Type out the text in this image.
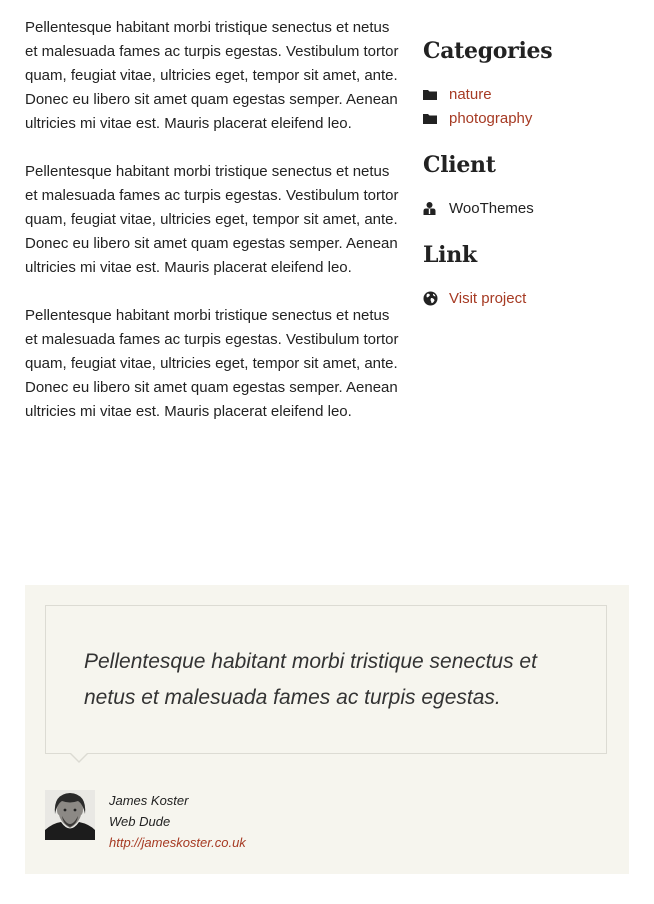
Pellentesque habitant morbi tristique senectus et netus et malesuada fames ac turpis egestas. Vestibulum tortor quam, feugiat vitae, ultricies eget, tempor sit amet, ante. Donec eu libero sit amet quam egestas semper. Aenean ultricies mi vitae est. Mauris placerat eleifend leo.

Pellentesque habitant morbi tristique senectus et netus et malesuada fames ac turpis egestas. Vestibulum tortor quam, feugiat vitae, ultricies eget, tempor sit amet, ante. Donec eu libero sit amet quam egestas semper. Aenean ultricies mi vitae est. Mauris placerat eleifend leo.

Pellentesque habitant morbi tristique senectus et netus et malesuada fames ac turpis egestas. Vestibulum tortor quam, feugiat vitae, ultricies eget, tempor sit amet, ante. Donec eu libero sit amet quam egestas semper. Aenean ultricies mi vitae est. Mauris placerat eleifend leo.

Categories
nature
photography
Client
WooThemes
Link
Visit project
Pellentesque habitant morbi tristique senectus et netus et malesuada fames ac turpis egestas.
James Koster
Web Dude
http://jameskoster.co.uk
